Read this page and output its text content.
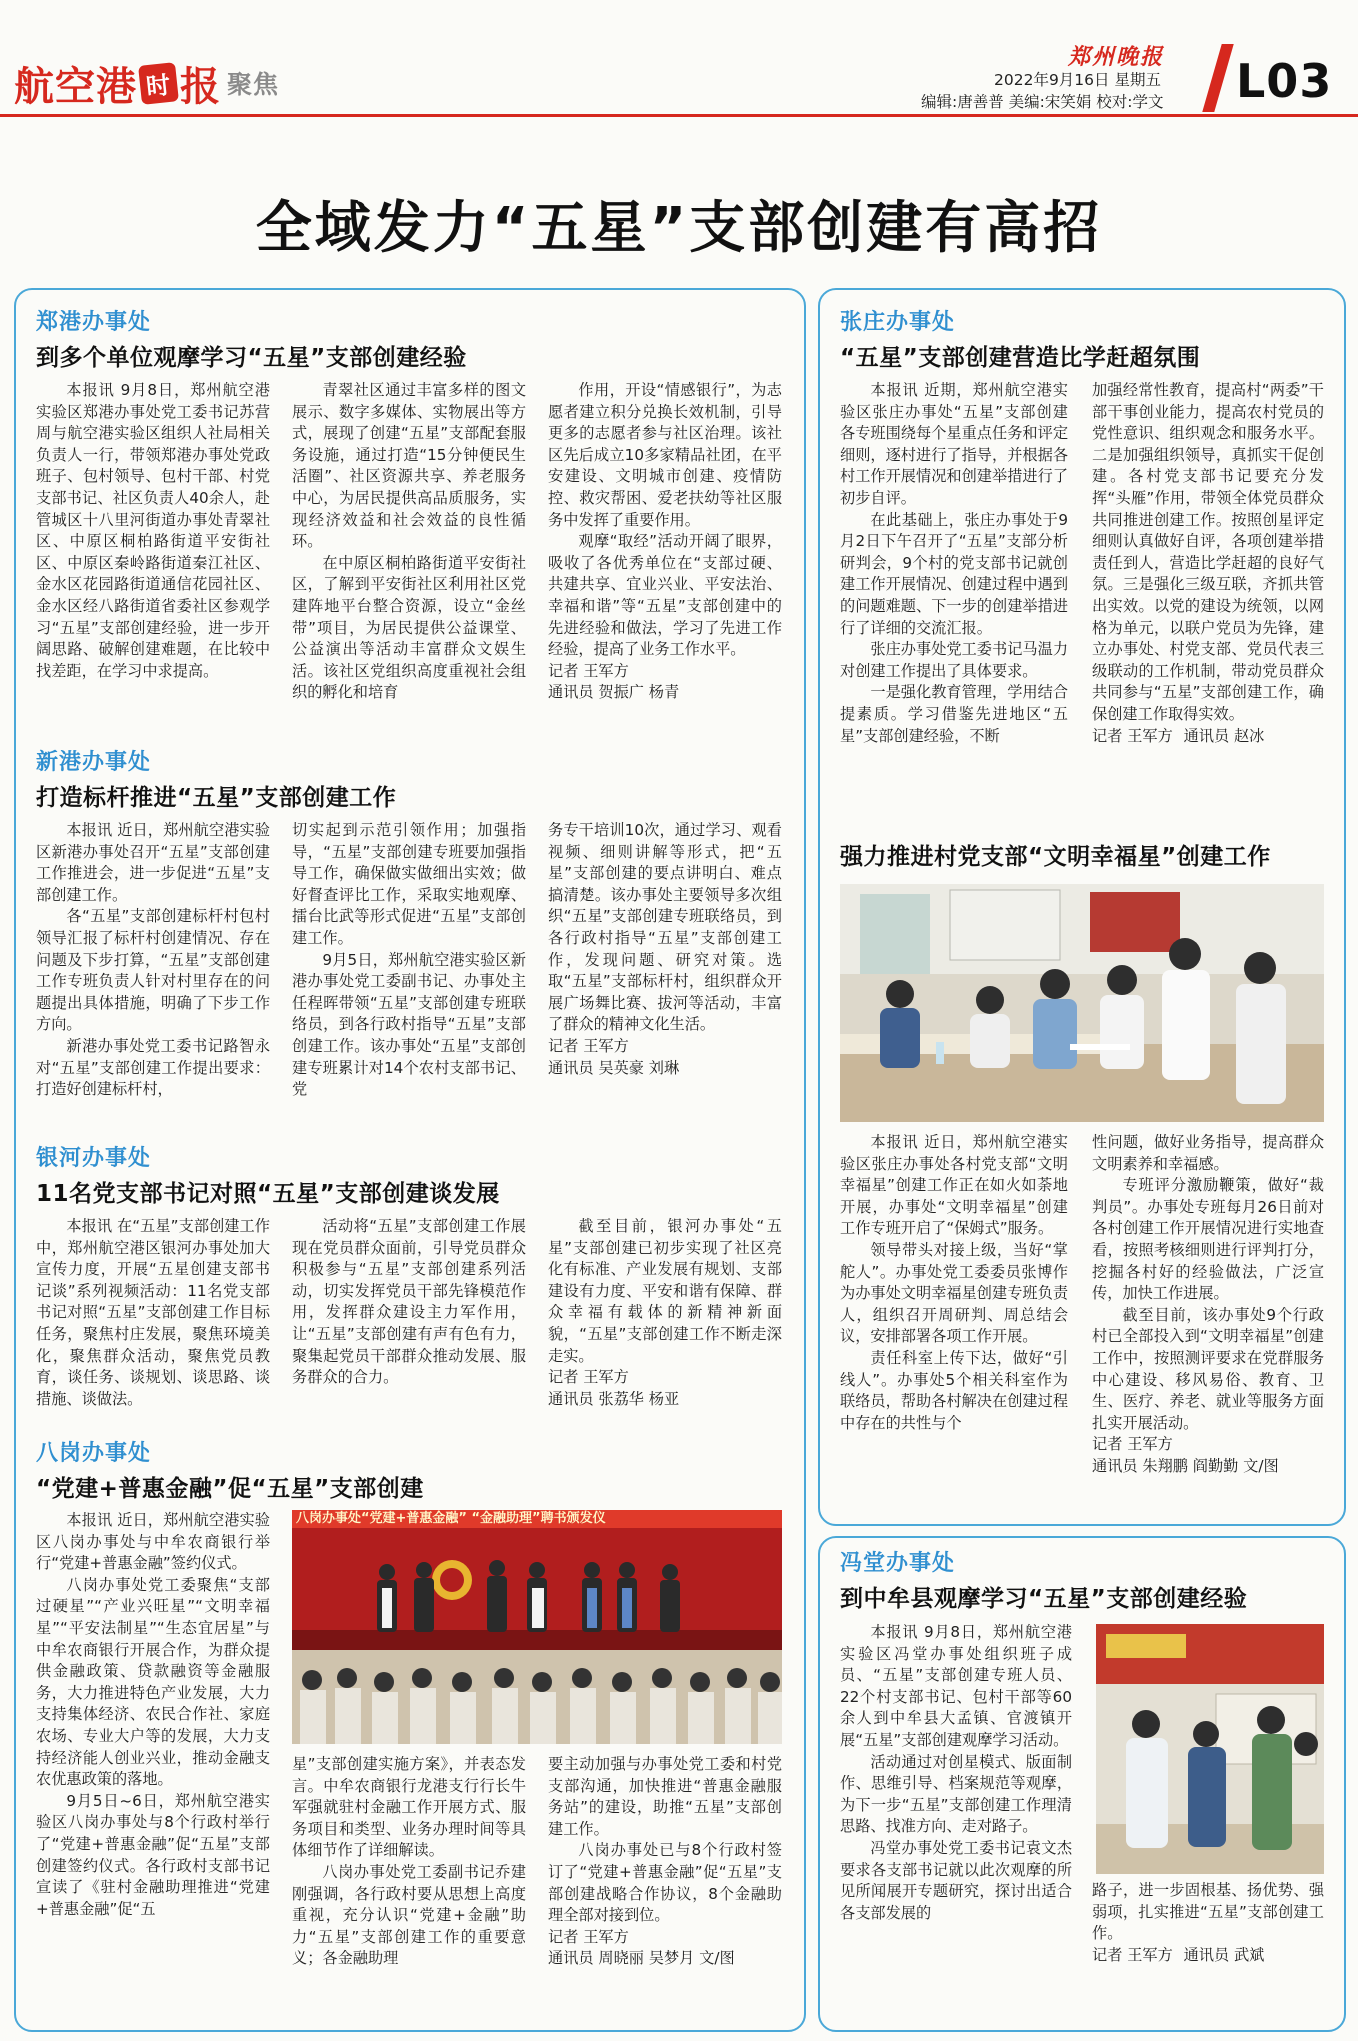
航空港 时 报 聚焦
郑州晚报
2022年9月16日 星期五
编辑:唐善普 美编:宋笑娟 校对:学文 L03
全域发力“五星”支部创建有高招
郑港办事处
到多个单位观摩学习“五星”支部创建经验

本报讯 9月8日，郑州航空港实验区郑港办事处党工委书记苏营周与航空港实验区组织人社局相关负责人一行，带领郑港办事处党政班子、包村领导、包村干部、村党支部书记、社区负责人40余人，赴管城区十八里河街道办事处青翠社区、中原区桐柏路街道平安街社区、中原区秦岭路街道秦江社区、金水区花园路街道通信花园社区、金水区经八路街道省委社区参观学习“五星”支部创建经验，进一步开阔思路、破解创建难题，在比较中找差距，在学习中求提高。

青翠社区通过丰富多样的图文展示、数字多媒体、实物展出等方式，展现了创建“五星”支部配套服务设施，通过打造“15分钟便民生活圈”、社区资源共享、养老服务中心，为居民提供高品质服务，实现经济效益和社会效益的良性循环。

在中原区桐柏路街道平安街社区，了解到平安街社区利用社区党建阵地平台整合资源，设立“金丝带”项目，为居民提供公益课堂、公益演出等活动丰富群众文娱生活。该社区党组织高度重视社会组织的孵化和培育

作用，开设“情感银行”，为志愿者建立积分兑换长效机制，引导更多的志愿者参与社区治理。该社区先后成立10多家精品社团，在平安建设、文明城市创建、疫情防控、救灾帮困、爱老扶幼等社区服务中发挥了重要作用。

观摩“取经”活动开阔了眼界，吸收了各优秀单位在“支部过硬、共建共享、宜业兴业、平安法治、幸福和谐”等“五星”支部创建中的先进经验和做法，学习了先进工作经验，提高了业务工作水平。

记者 王军方
通讯员 贺振广 杨青
新港办事处
打造标杆推进“五星”支部创建工作

本报讯 近日，郑州航空港实验区新港办事处召开“五星”支部创建工作推进会，进一步促进“五星”支部创建工作。

各“五星”支部创建标杆村包村领导汇报了标杆村创建情况、存在问题及下步打算，“五星”支部创建工作专班负责人针对村里存在的问题提出具体措施，明确了下步工作方向。

新港办事处党工委书记路智永对“五星”支部创建工作提出要求：打造好创建标杆村，

切实起到示范引领作用；加强指导，“五星”支部创建专班要加强指导工作，确保做实做细出实效；做好督查评比工作，采取实地观摩、擂台比武等形式促进“五星”支部创建工作。

9月5日，郑州航空港实验区新港办事处党工委副书记、办事处主任程晖带领“五星”支部创建专班联络员，到各行政村指导“五星”支部创建工作。该办事处“五星”支部创建专班累计对14个农村支部书记、党

务专干培训10次，通过学习、观看视频、细则讲解等形式，把“五星”支部创建的要点讲明白、难点搞清楚。该办事处主要领导多次组织“五星”支部创建专班联络员，到各行政村指导“五星”支部创建工作，发现问题、研究对策。选取“五星”支部标杆村，组织群众开展广场舞比赛、拔河等活动，丰富了群众的精神文化生活。

记者 王军方
通讯员 吴英豪 刘琳
银河办事处
11名党支部书记对照“五星”支部创建谈发展

本报讯 在“五星”支部创建工作中，郑州航空港区银河办事处加大宣传力度，开展“五星创建支部书记谈”系列视频活动：11名党支部书记对照“五星”支部创建工作目标任务，聚焦村庄发展，聚焦环境美化，聚焦群众活动，聚焦党员教育，谈任务、谈规划、谈思路、谈措施、谈做法。

活动将“五星”支部创建工作展现在党员群众面前，引导党员群众积极参与“五星”支部创建系列活动，切实发挥党员干部先锋模范作用，发挥群众建设主力军作用，让“五星”支部创建有声有色有力，聚集起党员干部群众推动发展、服务群众的合力。

截至目前，银河办事处“五星”支部创建已初步实现了社区亮化有标准、产业发展有规划、支部建设有力度、平安和谐有保障、群众幸福有载体的新精神新面貌，“五星”支部创建工作不断走深走实。

记者 王军方
通讯员 张荔华 杨亚
八岗办事处
“党建+普惠金融”促“五星”支部创建

本报讯 近日，郑州航空港实验区八岗办事处与中牟农商银行举行“党建+普惠金融”签约仪式。

八岗办事处党工委聚焦“支部过硬星”“产业兴旺星”“文明幸福星”“平安法制星”“生态宜居星”与中牟农商银行开展合作，为群众提供金融政策、贷款融资等金融服务，大力推进特色产业发展，大力支持集体经济、农民合作社、家庭农场、专业大户等的发展，大力支持经济能人创业兴业，推动金融支农优惠政策的落地。

9月5日~6日，郑州航空港实验区八岗办事处与8个行政村举行了“党建+普惠金融”促“五星”支部创建签约仪式。各行政村支部书记宣读了《驻村金融助理推进“党建+普惠金融”促“五

八岗办事处“党建+普惠金融” “金融助理”聘书颁发仪

星”支部创建实施方案》，并表态发言。中牟农商银行龙港支行行长牛军强就驻村金融工作开展方式、服务项目和类型、业务办理时间等具体细节作了详细解读。

八岗办事处党工委副书记乔建刚强调，各行政村要从思想上高度重视，充分认识“党建+金融”助力“五星”支部创建工作的重要意义；各金融助理

要主动加强与办事处党工委和村党支部沟通，加快推进“普惠金融服务站”的建设，助推“五星”支部创建工作。

八岗办事处已与8个行政村签订了“党建+普惠金融”促“五星”支部创建战略合作协议，8个金融助理全部对接到位。

记者 王军方
通讯员 周晓丽 吴梦月 文/图
张庄办事处
“五星”支部创建营造比学赶超氛围

本报讯 近期，郑州航空港实验区张庄办事处“五星”支部创建各专班围绕每个星重点任务和评定细则，逐村进行了指导，并根据各村工作开展情况和创建举措进行了初步自评。

在此基础上，张庄办事处于9月2日下午召开了“五星”支部分析研判会，9个村的党支部书记就创建工作开展情况、创建过程中遇到的问题难题、下一步的创建举措进行了详细的交流汇报。

张庄办事处党工委书记马温力对创建工作提出了具体要求。

一是强化教育管理，学用结合提素质。学习借鉴先进地区“五星”支部创建经验，不断

加强经常性教育，提高村“两委”干部干事创业能力，提高农村党员的党性意识、组织观念和服务水平。二是加强组织领导，真抓实干促创建。各村党支部书记要充分发挥“头雁”作用，带领全体党员群众共同推进创建工作。按照创星评定细则认真做好自评，各项创建举措责任到人，营造比学赶超的良好气氛。三是强化三级互联，齐抓共管出实效。以党的建设为统领，以网格为单元，以联户党员为先锋，建立办事处、村党支部、党员代表三级联动的工作机制，带动党员群众共同参与“五星”支部创建工作，确保创建工作取得实效。

记者 王军方 通讯员 赵冰
强力推进村党支部“文明幸福星”创建工作

本报讯 近日，郑州航空港实验区张庄办事处各村党支部“文明幸福星”创建工作正在如火如荼地开展，办事处“文明幸福星”创建工作专班开启了“保姆式”服务。

领导带头对接上级，当好“掌舵人”。办事处党工委委员张博作为办事处文明幸福星创建专班负责人，组织召开周研判、周总结会议，安排部署各项工作开展。

责任科室上传下达，做好“引线人”。办事处5个相关科室作为联络员，帮助各村解决在创建过程中存在的共性与个

性问题，做好业务指导，提高群众文明素养和幸福感。

专班评分激励鞭策，做好“裁判员”。办事处专班每月26日前对各村创建工作开展情况进行实地查看，按照考核细则进行评判打分，挖掘各村好的经验做法，广泛宣传，加快工作进展。

截至目前，该办事处9个行政村已全部投入到“文明幸福星”创建工作中，按照测评要求在党群服务中心建设、移风易俗、教育、卫生、医疗、养老、就业等服务方面扎实开展活动。

记者 王军方
通讯员 朱翔鹏 阎勤勤 文/图
冯堂办事处
到中牟县观摩学习“五星”支部创建经验

本报讯 9月8日，郑州航空港实验区冯堂办事处组织班子成员、“五星”支部创建专班人员、22个村支部书记、包村干部等60余人到中牟县大孟镇、官渡镇开展“五星”支部创建观摩学习活动。

活动通过对创星模式、版面制作、思维引导、档案规范等观摩，为下一步“五星”支部创建工作理清思路、找准方向、走对路子。

冯堂办事处党工委书记袁文杰要求各支部书记就以此次观摩的所见所闻展开专题研究，探讨出适合各支部发展的

路子，进一步固根基、扬优势、强弱项，扎实推进“五星”支部创建工作。

记者 王军方 通讯员 武斌
